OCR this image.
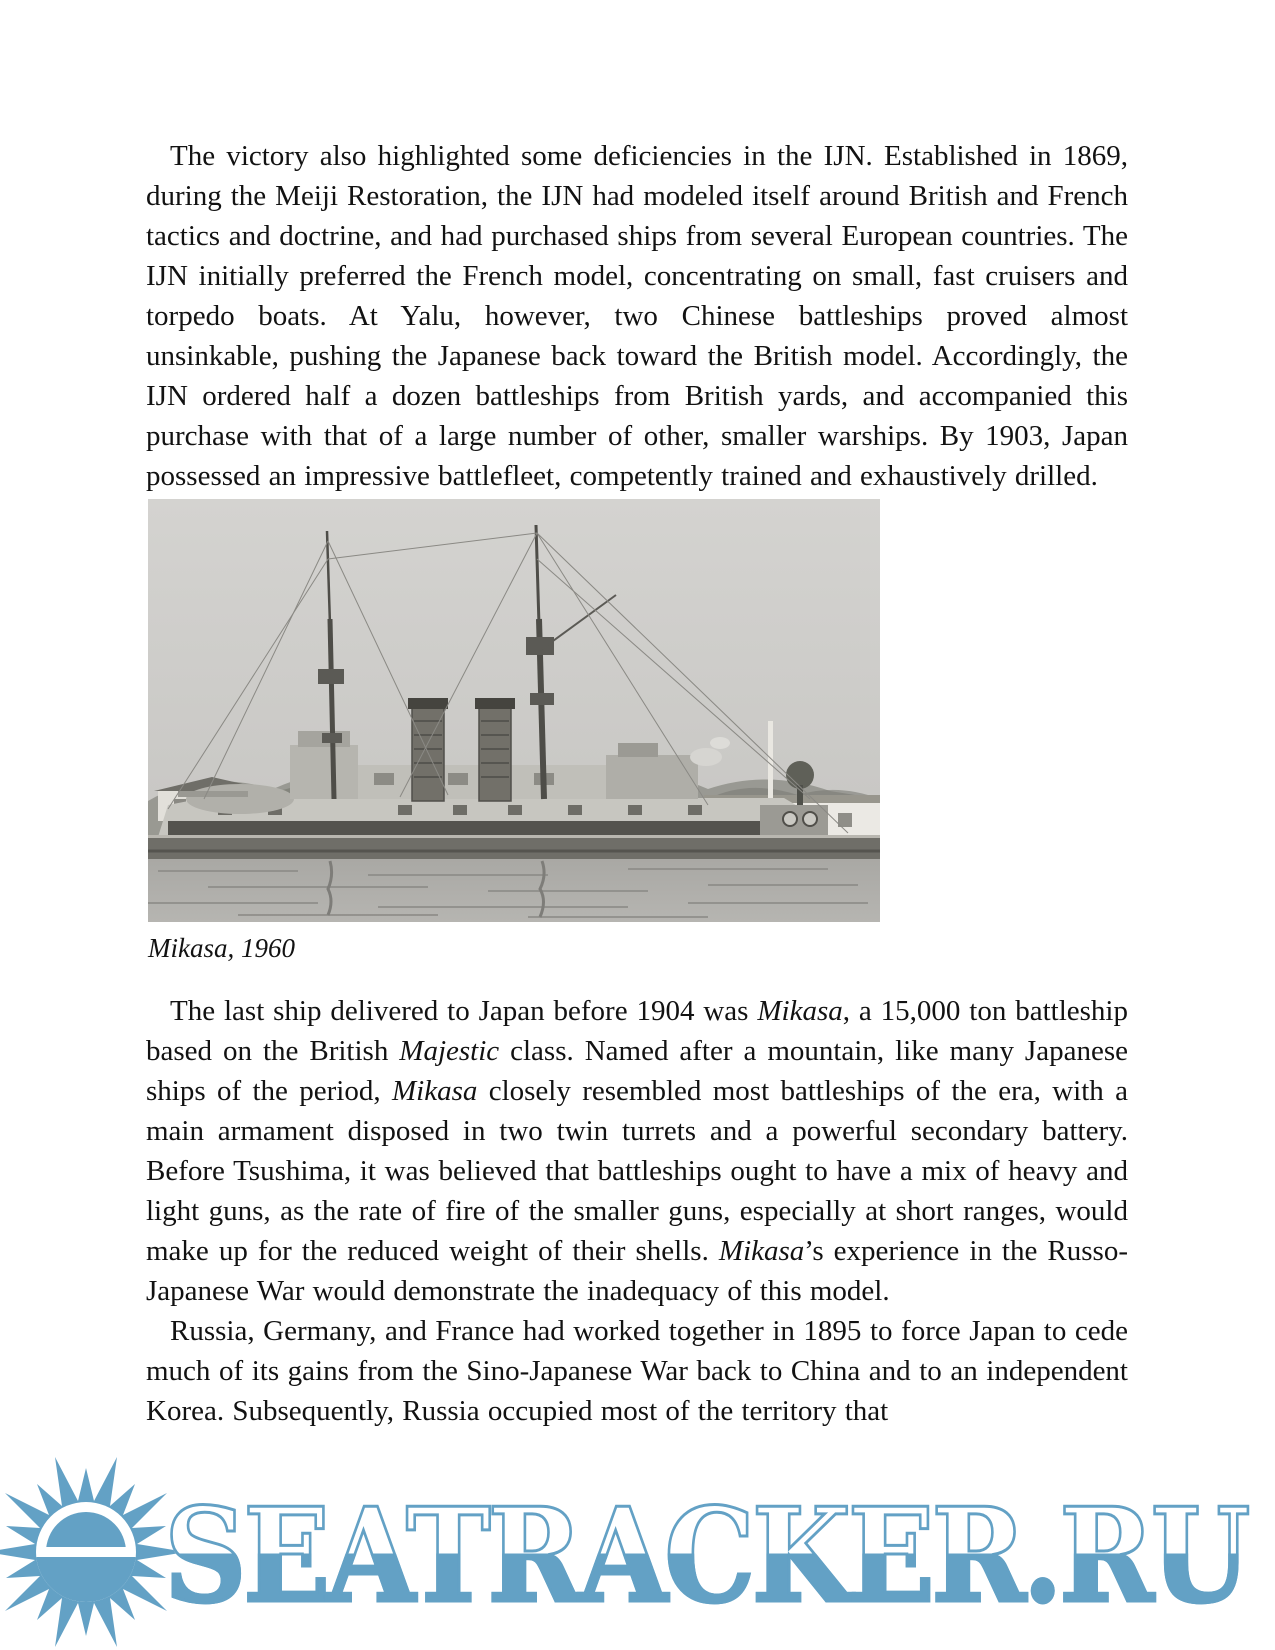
The victory also highlighted some deficiencies in the IJN. Established in 1869, during the Meiji Restoration, the IJN had modeled itself around British and French tactics and doctrine, and had purchased ships from several European countries. The IJN initially preferred the French model, concentrating on small, fast cruisers and torpedo boats. At Yalu, however, two Chinese battleships proved almost unsinkable, pushing the Japanese back toward the British model. Accordingly, the IJN ordered half a dozen battleships from British yards, and accompanied this purchase with that of a large number of other, smaller warships. By 1903, Japan possessed an impressive battlefleet, competently trained and exhaustively drilled.

Mikasa, 1960

The last ship delivered to Japan before 1904 was Mikasa, a 15,000 ton battleship based on the British Majestic class. Named after a mountain, like many Japanese ships of the period, Mikasa closely resembled most battleships of the era, with a main armament disposed in two twin turrets and a powerful secondary battery. Before Tsushima, it was believed that battleships ought to have a mix of heavy and light guns, as the rate of fire of the smaller guns, especially at short ranges, would make up for the reduced weight of their shells. Mikasa’s experience in the Russo-Japanese War would demonstrate the inadequacy of this model.

Russia, Germany, and France had worked together in 1895 to force Japan to cede much of its gains from the Sino-Japanese War back to China and to an independent Korea. Subsequently, Russia occupied most of the territory that

SEATRACKER.RU
